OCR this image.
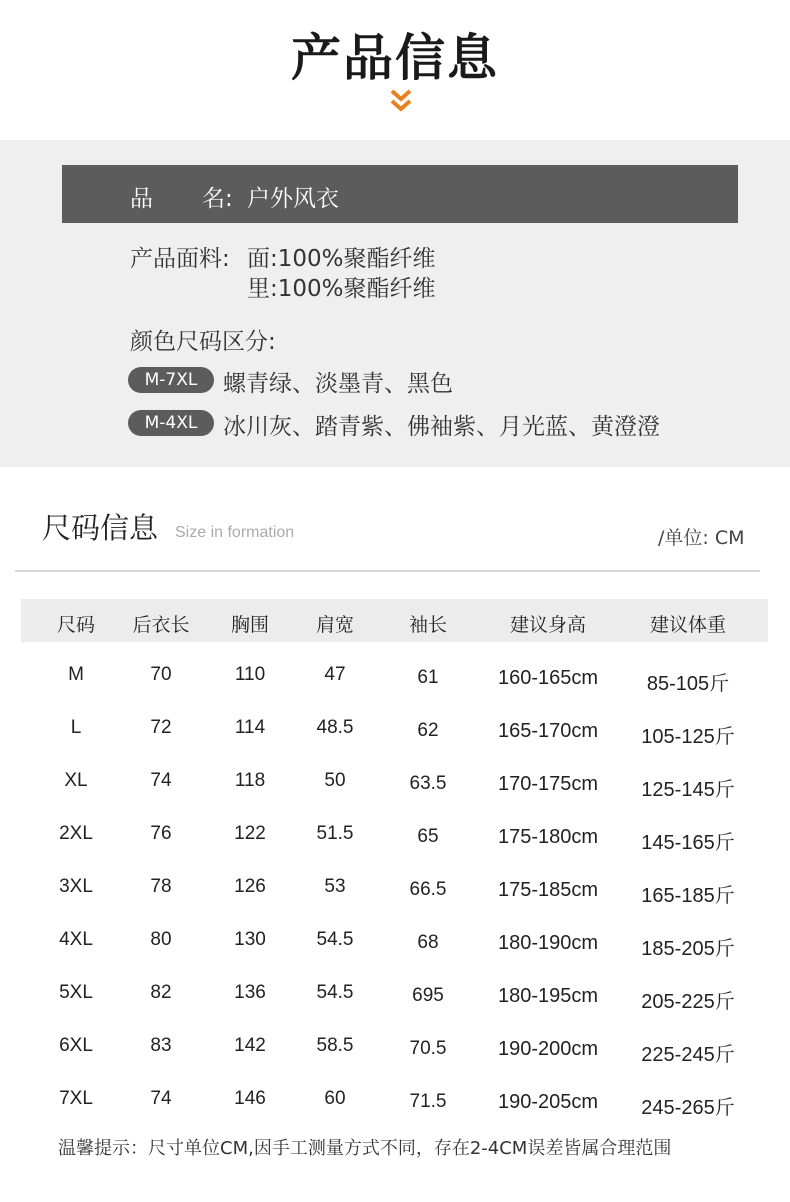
产品信息
品 名: 户外风衣
产品面料: 面:100%聚酯纤维
里:100%聚酯纤维
颜色尺码区分:
M-7XL	螺青绿、淡墨青、黑色
M-4XL	冰川灰、踏青紫、佛袖紫、月光蓝、黄澄澄
尺码信息 Size in formation	/单位: CM
尺码 后衣长 胸围 肩宽	袖长	建议身高	建议体重
M	70	110	47	61	160-165cm 85-105斤
L	72	114	48.5	62	165-170cm 105-125斤
XL	74	118	50	63.5	170-175cm 125-145斤
2XL	76	122	51.5	65	175-180cm 145-165斤
3XL	78	126	53	66.5	175-185cm 165-185斤
4XL	80	130	54.5	68	180-190cm 185-205斤
5XL	82	136	54.5	695	180-195cm 205-225斤
6XL	83	142	58.5	70.5	190-200cm 225-245斤
7XL	74	146	60	71.5	190-205cm 245-265斤
温馨提示：尺寸单位CM,因手工测量方式不同，存在2-4CM误差皆属合理范围
